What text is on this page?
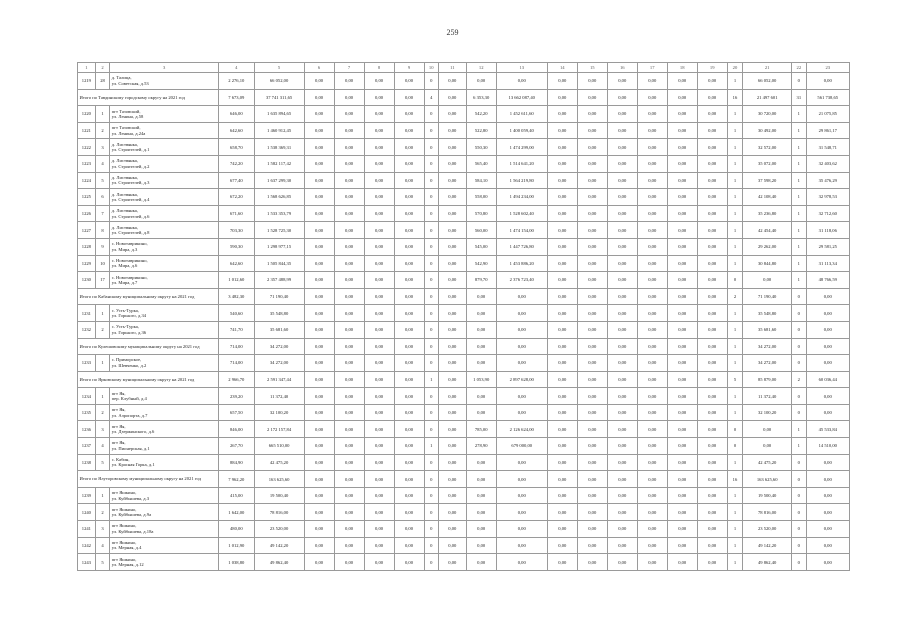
259
1	2	3	4	5	6	7	8	9	10	11	12	13	14	15	16	17	18	19	20	21	22	23
1219	28	д. Талица,
ул. Советская, д.53	2 276,10	66 052,00	0,00	0,00	0,00	0,00	0	0,00	0,00	0,00	0,00	0,00	0,00	0,00	0,00	0,00	1	66 052,00	0	0,00
Итого по Тавдинскому городскому округу на 2021 год			7 673,09	37 741 311,65	0,00	0,00	0,00	0,00	4	0,00	6 353,30	13 662 087,40	0,00	0,00	0,00	0,00	0,00	0,00	16	21 497 601	31	561 738,65
1220	1	пгт Тазовский,
ул. Ленина, д.58	646,00	1 635 894,65	0,00	0,00	0,00	0,00	0	0,00	542,20	1 452 611,60	0,00	0,00	0,00	0,00	0,00	0,00	1	30 720,00	1	21 075,85
1221	2	пгт Тазовский,
ул. Ленина, д.24а	642,60	1 460 912,45	0,00	0,00	0,00	0,00	0	0,00	522,80	1 400 059,40	0,00	0,00	0,00	0,00	0,00	0,00	1	30 492,00	1	29 861,17
1222	3	д. Листвянка,
ул. Строителей, д.1	658,70	1 538 369,31	0,00	0,00	0,00	0,00	0	0,00	550,30	1 474 299,00	0,00	0,00	0,00	0,00	0,00	0,00	1	32 572,00	1	31 548,71
1223	4	д. Листвянка,
ул. Строителей, д.2	742,20	1 582 117,42	0,00	0,00	0,00	0,00	0	0,00	565,40	1 514 641,20	0,00	0,00	0,00	0,00	0,00	0,00	1	35 072,00	1	32 403,62
1224	5	д. Листвянка,
ул. Строителей, д.3	677,40	1 637 299,30	0,00	0,00	0,00	0,00	0	0,00	584,10	1 564 219,80	0,00	0,00	0,00	0,00	0,00	0,00	1	37 598,20	1	35 476,29
1225	6	д. Листвянка,
ул. Строителей, д.4	672,20	1 568 626,85	0,00	0,00	0,00	0,00	0	0,00	558,00	1 494 234,00	0,00	0,00	0,00	0,00	0,00	0,00	1	42 108,40	1	32 978,53
1226	7	д. Листвянка,
ул. Строителей, д.6	671,60	1 533 353,79	0,00	0,00	0,00	0,00	0	0,00	570,80	1 528 602,40	0,00	0,00	0,00	0,00	0,00	0,00	1	35 236,80	1	32 712,60
1227	8	д. Листвянка,
ул. Строителей, д.8	703,30	1 528 725,30	0,00	0,00	0,00	0,00	0	0,00	560,00	1 474 154,00	0,00	0,00	0,00	0,00	0,00	0,00	1	42 454,40	1	31 118,06
1228	9	с. Новотаврикино,
ул. Мира, д.3	590,30	1 298 977,15	0,00	0,00	0,00	0,00	0	0,00	545,00	1 447 726,80	0,00	0,00	0,00	0,00	0,00	0,00	1	29 262,00	1	29 581,25
1229	10	с. Новотаврикино,
ул. Мира, д.6	642,60	1 505 844,35	0,00	0,00	0,00	0,00	0	0,00	542,90	1 453 886,20	0,00	0,00	0,00	0,00	0,00	0,00	1	30 844,80	1	31 113,34
1230	17	с. Новотаврикино,
ул. Мира, д.7	1 012,60	2 357 488,99	0,00	0,00	0,00	0,00	0	0,00	879,70	2 376 723,40	0,00	0,00	0,00	0,00	0,00	0,00	0	0,00	1	48 766,59
Итого по Кабанскому муниципальному округу на 2021 год			3 482,30	71 190,40	0,00	0,00	0,00	0,00	0	0,00	0,00	0,00	0,00	0,00	0,00	0,00	0,00	0,00	2	71 190,40	0	0,00
1231	1	с. Усть-Турка,
ул. Горького, д.34	540,60	35 548,80	0,00	0,00	0,00	0,00	0	0,00	0,00	0,00	0,00	0,00	0,00	0,00	0,00	0,00	1	35 548,80	0	0,00
1232	2	с. Усть-Турка,
ул. Горького, д.36	741,70	35 681,60	0,00	0,00	0,00	0,00	0	0,00	0,00	0,00	0,00	0,00	0,00	0,00	0,00	0,00	1	35 681,60	0	0,00
Итого по Кулешовскому муниципальному округу на 2021 год			714,00	34 272,00	0,00	0,00	0,00	0,00	0	0,00	0,00	0,00	0,00	0,00	0,00	0,00	0,00	0,00	1	34 272,00	0	0,00
1233	1	с. Приморское,
ул. Шевченко, д.2	714,00	34 272,00	0,00	0,00	0,00	0,00	0	0,00	0,00	0,00	0,00	0,00	0,00	0,00	0,00	0,00	1	34 272,00	0	0,00
Итого по Ярковскому муниципальному округу на 2021 год			2 966,70	2 591 347,44	0,00	0,00	0,00	0,00	1	0,00	1 053,90	2 897 628,00	0,00	0,00	0,00	0,00	0,00	0,00	5	85 879,00	2	60 036,44
1234	1	пгт Яя,
пер. Клубный, д.4	239,20	11 372,40	0,00	0,00	0,00	0,00	0	0,00	0,00	0,00	0,00	0,00	0,00	0,00	0,00	0,00	1	11 372,40	0	0,00
1235	2	пгт Яя,
ул. Аэропорта, д.7	657,50	32 100,20	0,00	0,00	0,00	0,00	0	0,00	0,00	0,00	0,00	0,00	0,00	0,00	0,00	0,00	1	32 100,20	0	0,00
1236	3	пгт Яя,
ул. Дзержинского, д.6	846,00	2 172 157,84	0,00	0,00	0,00	0,00	0	0,00	785,00	2 126 624,00	0,00	0,00	0,00	0,00	0,00	0,00	0	0,00	1	45 533,84
1237	4	пгт Яя,
ул. Пионерская, д.1	267,70	665 510,00	0,00	0,00	0,00	0,00	1	0,00	278,90	679 000,00	0,00	0,00	0,00	0,00	0,00	0,00	0	0,00	1	14 510,00
1238	5	с. Кабин,
ул. Красная Горка, д.1	884,90	42 475,20	0,00	0,00	0,00	0,00	0	0,00	0,00	0,00	0,00	0,00	0,00	0,00	0,00	0,00	1	42 475,20	0	0,00
Итого по Ялуторовскому муниципальному округу на 2021 год			7 962,20	163 625,60	0,00	0,00	0,00	0,00	0	0,00	0,00	0,00	0,00	0,00	0,00	0,00	0,00	0,00	16	163 625,60	0	0,00
1239	1	пгт Яшкино,
ул. Куйбышева, д.3	415,00	19 500,40	0,00	0,00	0,00	0,00	0	0,00	0,00	0,00	0,00	0,00	0,00	0,00	0,00	0,00	1	19 500,40	0	0,00
1240	2	пгт Яшкино,
ул. Куйбышева, д.9а	1 642,00	78 816,00	0,00	0,00	0,00	0,00	0	0,00	0,00	0,00	0,00	0,00	0,00	0,00	0,00	0,00	1	78 816,00	0	0,00
1241	3	пгт Яшкино,
ул. Куйбышева, д.18а	480,00	23 520,00	0,00	0,00	0,00	0,00	0	0,00	0,00	0,00	0,00	0,00	0,00	0,00	0,00	0,00	1	23 520,00	0	0,00
1242	4	пгт Яшкино,
ул. Мерная, д.4	1 012,90	49 142,20	0,00	0,00	0,00	0,00	0	0,00	0,00	0,00	0,00	0,00	0,00	0,00	0,00	0,00	1	49 142,20	0	0,00
1243	5	пгт Яшкино,
ул. Мерная, д.12	1 038,80	49 862,40	0,00	0,00	0,00	0,00	0	0,00	0,00	0,00	0,00	0,00	0,00	0,00	0,00	0,00	1	49 862,40	0	0,00
